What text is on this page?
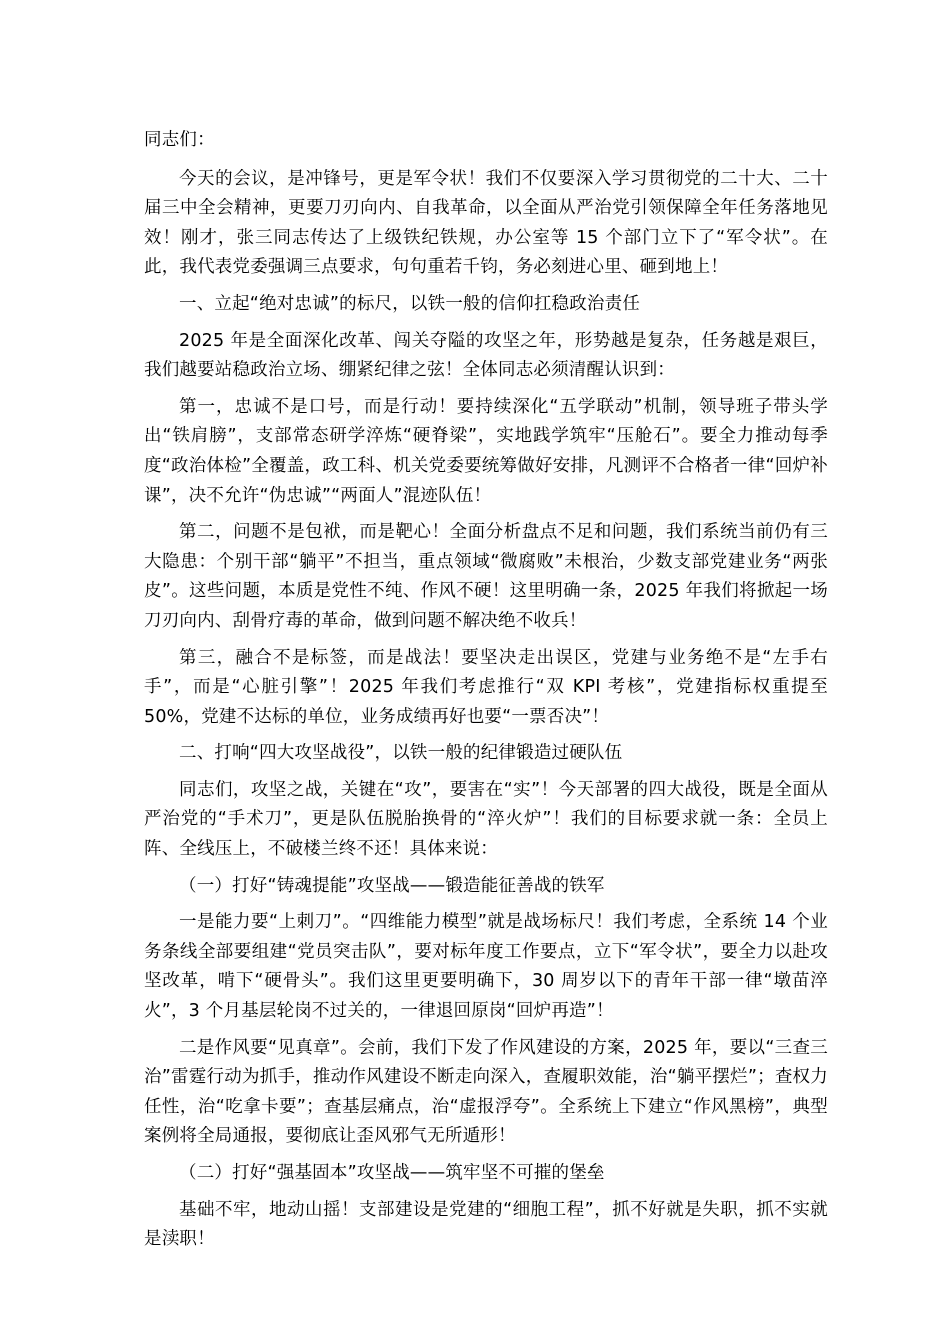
同志们：

今天的会议，是冲锋号，更是军令状！我们不仅要深入学习贯彻党的二十大、二十届三中全会精神，更要刀刃向内、自我革命，以全面从严治党引领保障全年任务落地见效！刚才，张三同志传达了上级铁纪铁规，办公室等 15 个部门立下了“军令状”。在此，我代表党委强调三点要求，句句重若千钧，务必刻进心里、砸到地上！

一、立起“绝对忠诚”的标尺，以铁一般的信仰扛稳政治责任

2025 年是全面深化改革、闯关夺隘的攻坚之年，形势越是复杂，任务越是艰巨，我们越要站稳政治立场、绷紧纪律之弦！全体同志必须清醒认识到：

第一，忠诚不是口号，而是行动！要持续深化“五学联动”机制，领导班子带头学出“铁肩膀”，支部常态研学淬炼“硬脊梁”，实地践学筑牢“压舱石”。要全力推动每季度“政治体检”全覆盖，政工科、机关党委要统筹做好安排，凡测评不合格者一律“回炉补课”，决不允许“伪忠诚”“两面人”混迹队伍！

第二，问题不是包袱，而是靶心！全面分析盘点不足和问题，我们系统当前仍有三大隐患：个别干部“躺平”不担当，重点领域“微腐败”未根治，少数支部党建业务“两张皮”。这些问题，本质是党性不纯、作风不硬！这里明确一条，2025 年我们将掀起一场刀刃向内、刮骨疗毒的革命，做到问题不解决绝不收兵！

第三，融合不是标签，而是战法！要坚决走出误区，党建与业务绝不是“左手右手”，而是“心脏引擎”！2025 年我们考虑推行“双 KPI 考核”，党建指标权重提至 50%，党建不达标的单位，业务成绩再好也要“一票否决”！

二、打响“四大攻坚战役”，以铁一般的纪律锻造过硬队伍

同志们，攻坚之战，关键在“攻”，要害在“实”！今天部署的四大战役，既是全面从严治党的“手术刀”，更是队伍脱胎换骨的“淬火炉”！我们的目标要求就一条：全员上阵、全线压上，不破楼兰终不还！具体来说：

（一）打好“铸魂提能”攻坚战——锻造能征善战的铁军

一是能力要“上刺刀”。“四维能力模型”就是战场标尺！我们考虑，全系统 14 个业务条线全部要组建“党员突击队”，要对标年度工作要点，立下“军令状”，要全力以赴攻坚改革，啃下“硬骨头”。我们这里更要明确下，30 周岁以下的青年干部一律“墩苗淬火”，3 个月基层轮岗不过关的，一律退回原岗“回炉再造”！

二是作风要“见真章”。会前，我们下发了作风建设的方案，2025 年，要以“三查三治”雷霆行动为抓手，推动作风建设不断走向深入，查履职效能，治“躺平摆烂”；查权力任性，治“吃拿卡要”；查基层痛点，治“虚报浮夸”。全系统上下建立“作风黑榜”，典型案例将全局通报，要彻底让歪风邪气无所遁形！

（二）打好“强基固本”攻坚战——筑牢坚不可摧的堡垒

基础不牢，地动山摇！支部建设是党建的“细胞工程”，抓不好就是失职，抓不实就是渎职！
